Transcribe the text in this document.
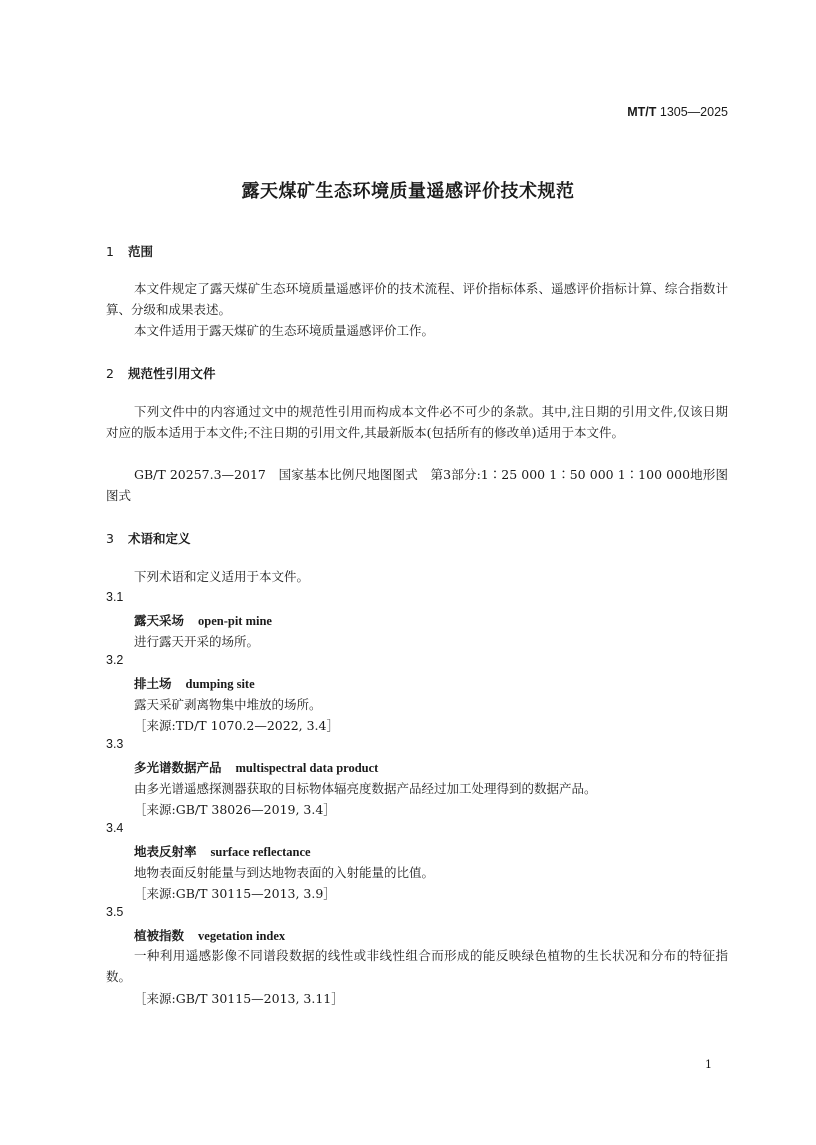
MT/T 1305—2025
露天煤矿生态环境质量遥感评价技术规范
1 范围
本文件规定了露天煤矿生态环境质量遥感评价的技术流程、评价指标体系、遥感评价指标计算、综合指数计算、分级和成果表述。
本文件适用于露天煤矿的生态环境质量遥感评价工作。
2 规范性引用文件
下列文件中的内容通过文中的规范性引用而构成本文件必不可少的条款。其中,注日期的引用文件,仅该日期对应的版本适用于本文件;不注日期的引用文件,其最新版本(包括所有的修改单)适用于本文件。
GB/T 20257.3—2017　国家基本比例尺地图图式　第3部分:1∶25 000 1∶50 000 1∶100 000地形图图式
3 术语和定义
下列术语和定义适用于本文件。
3.1
露天采场 open-pit mine
进行露天开采的场所。
3.2
排土场 dumping site
露天采矿剥离物集中堆放的场所。
［来源:TD/T 1070.2—2022, 3.4］
3.3
多光谱数据产品 multispectral data product
由多光谱遥感探测器获取的目标物体辐亮度数据产品经过加工处理得到的数据产品。
［来源:GB/T 38026—2019, 3.4］
3.4
地表反射率 surface reflectance
地物表面反射能量与到达地物表面的入射能量的比值。
［来源:GB/T 30115—2013, 3.9］
3.5
植被指数 vegetation index
一种利用遥感影像不同谱段数据的线性或非线性组合而形成的能反映绿色植物的生长状况和分布的特征指数。
［来源:GB/T 30115—2013, 3.11］
1
